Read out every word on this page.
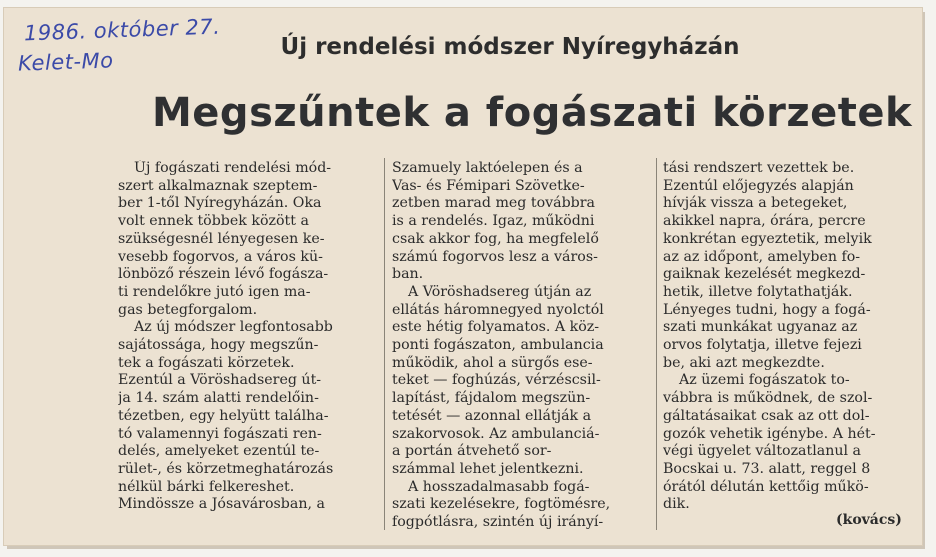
1986. október 27.
Kelet-Mo
Új rendelési módszer Nyíregyházán
Megszűntek a fogászati körzetek
Új fogászati rendelési mód-
szert alkalmaznak szeptem-
ber 1-től Nyíregyházán. Oka
volt ennek többek között a
szükségesnél lényegesen ke-
vesebb fogorvos, a város kü-
lönböző részein lévő fogásza-
ti rendelőkre jutó igen ma-
gas betegforgalom.
Az új módszer legfontosabb
sajátossága, hogy megszűn-
tek a fogászati körzetek.
Ezentúl a Vöröshadsereg út-
ja 14. szám alatti rendelőin-
tézetben, egy helyütt találha-
tó valamennyi fogászati ren-
delés, amelyeket ezentúl te-
rület-, és körzetmeghatározás
nélkül bárki felkereshet.
Mindössze a Jósavárosban, a
Szamuely laktóelepen és a
Vas- és Fémipari Szövetke-
zetben marad meg továbbra
is a rendelés. Igaz, működni
csak akkor fog, ha megfelelő
számú fogorvos lesz a város-
ban.
A Vöröshadsereg útján az
ellátás háromnegyed nyolctól
este hétig folyamatos. A köz-
ponti fogászaton, ambulancia
működik, ahol a sürgős ese-
teket — foghúzás, vérzéscsil-
lapítást, fájdalom megszün-
tetését — azonnal ellátják a
szakorvosok. Az ambulanciá-
a portán átvehető sor-
számmal lehet jelentkezni.
A hosszadalmasabb fogá-
szati kezelésekre, fogtömésre,
fogpótlásra, szintén új irányí-
tási rendszert vezettek be.
Ezentúl előjegyzés alapján
hívják vissza a betegeket,
akikkel napra, órára, percre
konkrétan egyeztetik, melyik
az az időpont, amelyben fo-
gaiknak kezelését megkezd-
hetik, illetve folytathatják.
Lényeges tudni, hogy a fogá-
szati munkákat ugyanaz az
orvos folytatja, illetve fejezi
be, aki azt megkezdte.
Az üzemi fogászatok to-
vábbra is működnek, de szol-
gáltatásaikat csak az ott dol-
gozók vehetik igénybe. A hét-
végi ügyelet változatlanul a
Bocskai u. 73. alatt, reggel 8
órától délután kettőig műkö-
dik.
(kovács)
